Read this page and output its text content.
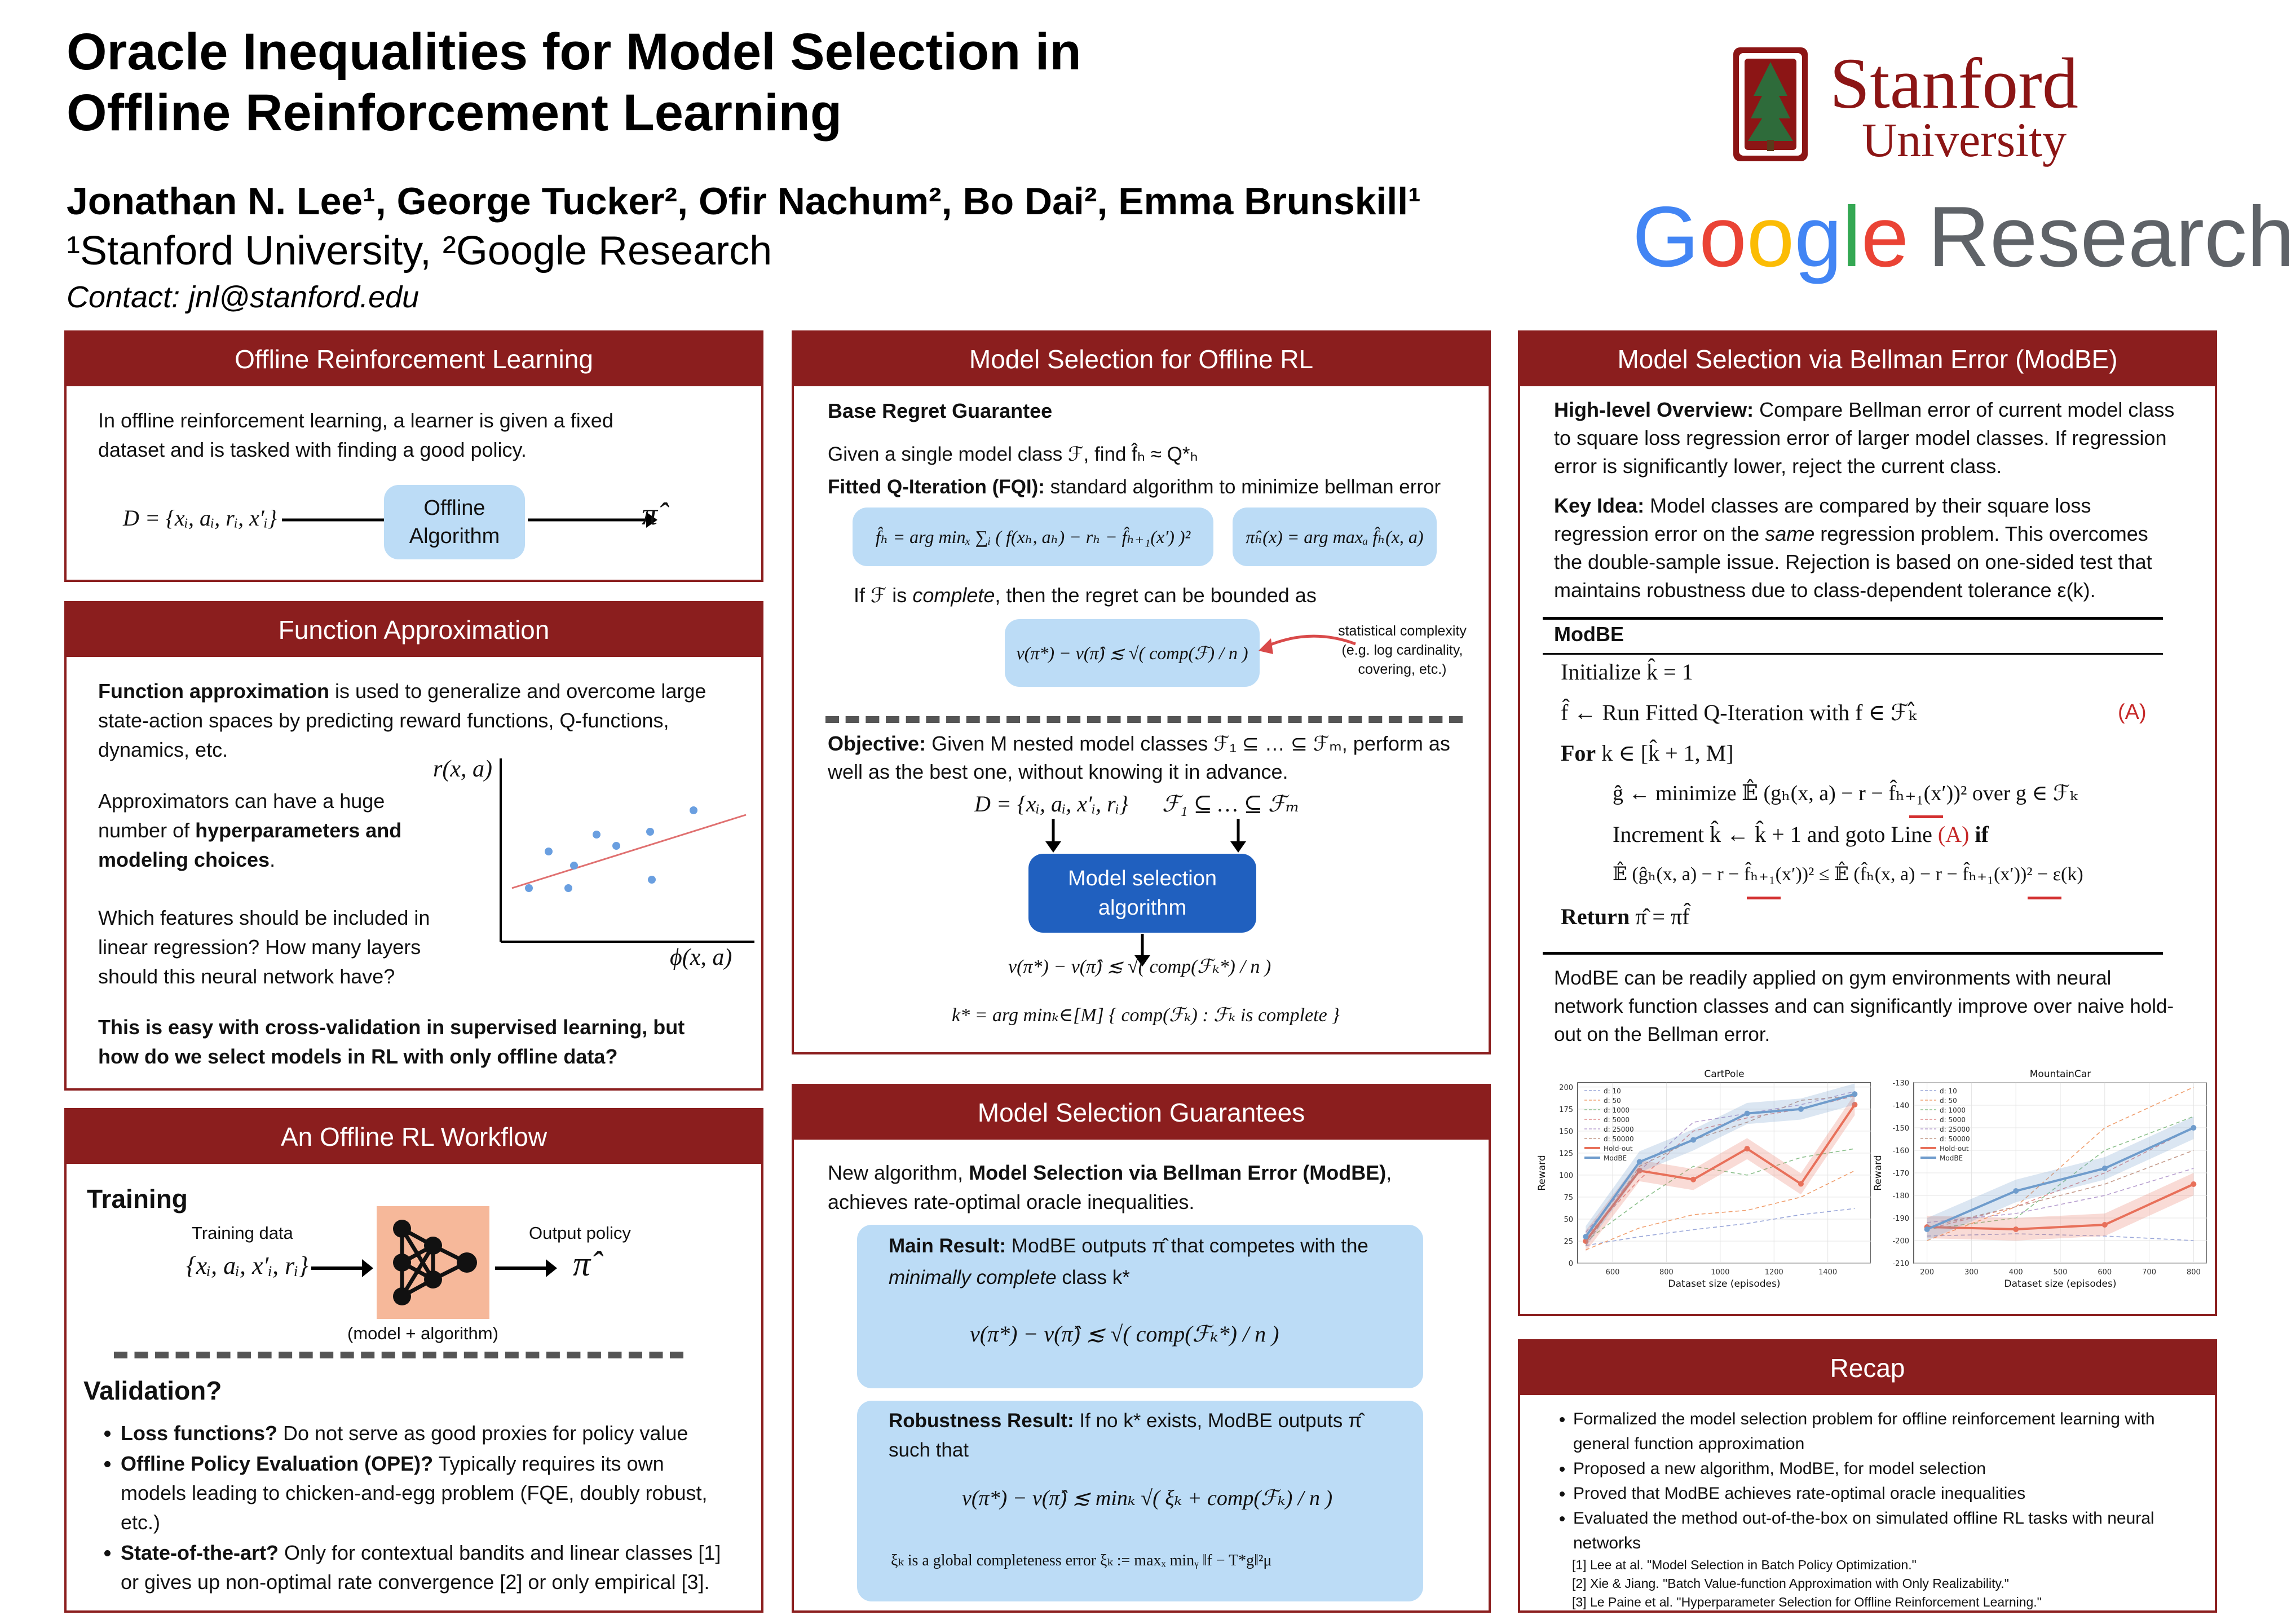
Oracle Inequalities for Model Selection in
Offline Reinforcement Learning
Jonathan N. Lee¹, George Tucker², Ofir Nachum², Bo Dai², Emma Brunskill¹
¹Stanford University, ²Google Research
Contact: jnl@stanford.edu
Stanford
University
Google Research
Offline Reinforcement Learning
In offline reinforcement learning, a learner is given a fixed dataset and is tasked with finding a good policy.
D = {xᵢ, aᵢ, rᵢ, x′ᵢ}	Offline Algorithm
π̂
Function Approximation
Function approximation is used to generalize and overcome large state-action spaces by predicting reward functions, Q-functions, dynamics, etc.
Approximators can have a huge number of hyperparameters and modeling choices.
Which features should be included in linear regression? How many layers should this neural network have?
r(x, a)
ϕ(x, a)
This is easy with cross-validation in supervised learning, but how do we select models in RL with only offline data?
An Offline RL Workflow
Training
Training data
{xᵢ, aᵢ, x′ᵢ, rᵢ}
(model + algorithm)
Output policy
π̂
Validation?
• Loss functions? Do not serve as good proxies for policy value
• Offline Policy Evaluation (OPE)? Typically requires its own models leading to chicken-and-egg problem (FQE, doubly robust, etc.)
• State-of-the-art? Only for contextual bandits and linear classes [1] or gives up non-optimal rate convergence [2] or only empirical [3].
Model Selection for Offline RL
Base Regret Guarantee
Given a single model class ℱ, find f̂ₕ ≈ Q*ₕ
Fitted Q-Iteration (FQI): standard algorithm to minimize bellman error
f̂ₕ = arg minₓ ∑ᵢ ( f(xₕ, aₕ) − rₕ − f̂ₕ₊₁(x′) )²	π̂ₕ(x) = arg maxₐ f̂ₕ(x, a)
If ℱ is complete, then the regret can be bounded as
v(π*) − v(π̂) ≲ √( comp(ℱ) / n )
statistical complexity (e.g. log cardinality, covering, etc.)
Objective: Given M nested model classes ℱ₁ ⊆ … ⊆ ℱₘ, perform as well as the best one, without knowing it in advance.
D = {xᵢ, aᵢ, x′ᵢ, rᵢ}      ℱ₁ ⊆ … ⊆ ℱₘ
Model selection algorithm
v(π*) − v(π̂) ≲ √( comp(ℱₖ*) / n )
k* = arg minₖ∈[M] { comp(ℱₖ) : ℱₖ is complete }
Model Selection Guarantees
New algorithm, Model Selection via Bellman Error (ModBE), achieves rate-optimal oracle inequalities.
Main Result: ModBE outputs π̂ that competes with the minimally complete class k*
v(π*) − v(π̂) ≲ √( comp(ℱₖ*) / n )
Robustness Result: If no k* exists, ModBE outputs π̂ such that
v(π*) − v(π̂) ≲ minₖ √( ξₖ + comp(ℱₖ) / n )
ξₖ is a global completeness error ξₖ := maxₓ minᵧ ‖f − T*g‖²μ
Model Selection via Bellman Error (ModBE)
High-level Overview: Compare Bellman error of current model class to square loss regression error of larger model classes. If regression error is significantly lower, reject the current class.
Key Idea: Model classes are compared by their square loss regression error on the same regression problem. This overcomes the double-sample issue. Rejection is based on one-sided test that maintains robustness due to class-dependent tolerance ε(k).
ModBE
Initialize k̂ = 1
f̂ ← Run Fitted Q-Iteration with f ∈ ℱₖ̂	(A)
For k ∈ [k̂ + 1, M]
ĝ ← minimize 𝔼̂ (gₕ(x, a) − r − f̂ₕ₊₁(x′))² over g ∈ ℱₖ
Increment k̂ ← k̂ + 1 and goto Line (A) if
𝔼̂ (ĝₕ(x, a) − r − f̂ₕ₊₁(x′))² ≤ 𝔼̂ (f̂ₕ(x, a) − r − f̂ₕ₊₁(x′))² − ε(k)
Return π̂ = πf̂
ModBE can be readily applied on gym environments with neural network function classes and can significantly improve over naive hold-out on the Bellman error.
0
25
50
75
100
125
150
175
200
600	800	1000	1200	1400
CartPole
Dataset size (episodes)
Reward
d: 10
d: 50
d: 1000
d: 5000
d: 25000
d: 50000
Hold-out
ModBE
-210
-200
-190
-180
-170
-160
-150
-140
-130
200	300	400	500	600	700	800
MountainCar
Dataset size (episodes)
Reward
d: 10
d: 50
d: 1000
d: 5000
d: 25000
d: 50000
Hold-out
ModBE
Recap
• Formalized the model selection problem for offline reinforcement learning with general function approximation
• Proposed a new algorithm, ModBE, for model selection
• Proved that ModBE achieves rate-optimal oracle inequalities
• Evaluated the method out-of-the-box on simulated offline RL tasks with neural networks
[1] Lee at al. "Model Selection in Batch Policy Optimization."
[2] Xie & Jiang. "Batch Value-function Approximation with Only Realizability."
[3] Le Paine et al. "Hyperparameter Selection for Offline Reinforcement Learning."
